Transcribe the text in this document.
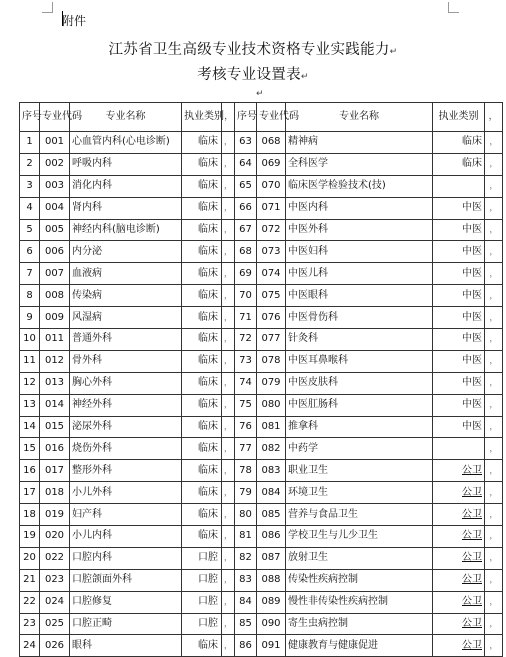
附件
江苏省卫生高级专业技术资格专业实践能力↵
考核专业设置表↵
↵
序号	专业代码	专业名称	执业类别	，	序号	专业代码	专业名称	执业类别	，
1	001	心血管内科(心电诊断)	临床	，	63	068	精神病	临床	，
2	002	呼吸内科	临床	，	64	069	全科医学	临床	，
3	003	消化内科	临床	，	65	070	临床医学检验技术(技)		，
4	004	肾内科	临床	，	66	071	中医内科	中医	，
5	005	神经内科(脑电诊断)	临床	，	67	072	中医外科	中医	，
6	006	内分泌	临床	，	68	073	中医妇科	中医	，
7	007	血液病	临床	，	69	074	中医儿科	中医	，
8	008	传染病	临床	，	70	075	中医眼科	中医	，
9	009	风湿病	临床	，	71	076	中医骨伤科	中医	，
10	011	普通外科	临床	，	72	077	针灸科	中医	，
11	012	骨外科	临床	，	73	078	中医耳鼻喉科	中医	，
12	013	胸心外科	临床	，	74	079	中医皮肤科	中医	，
13	014	神经外科	临床	，	75	080	中医肛肠科	中医	，
14	015	泌尿外科	临床	，	76	081	推拿科	中医	，
15	016	烧伤外科	临床	，	77	082	中药学		，
16	017	整形外科	临床	，	78	083	职业卫生	公卫	，
17	018	小儿外科	临床	，	79	084	环境卫生	公卫	，
18	019	妇产科	临床	，	80	085	营养与食品卫生	公卫	，
19	020	小儿内科	临床	，	81	086	学校卫生与儿少卫生	公卫	，
20	022	口腔内科	口腔	，	82	087	放射卫生	公卫	，
21	023	口腔颌面外科	口腔	，	83	088	传染性疾病控制	公卫	，
22	024	口腔修复	口腔	，	84	089	慢性非传染性疾病控制	公卫	，
23	025	口腔正畸	口腔	，	85	090	寄生虫病控制	公卫	，
24	026	眼科	临床	，	86	091	健康教育与健康促进	公卫	，
